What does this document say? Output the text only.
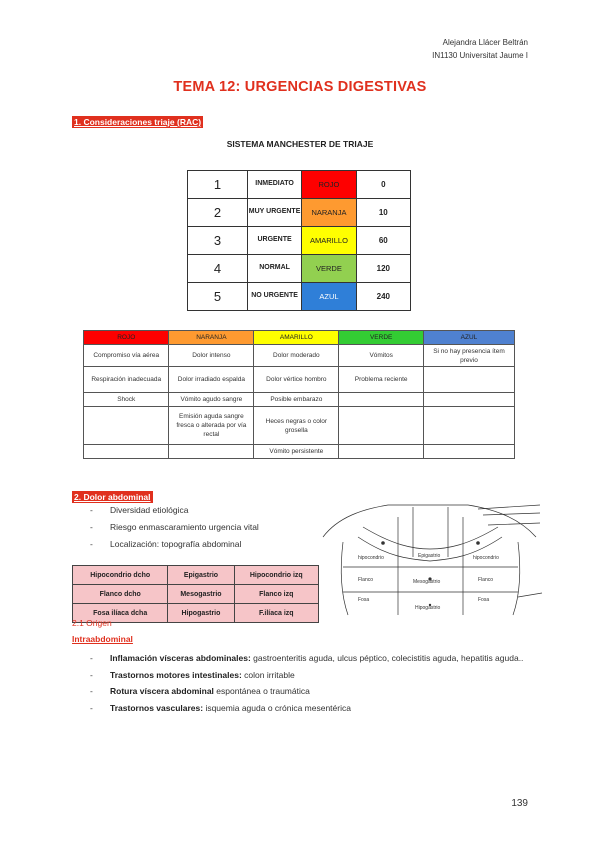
Alejandra Llácer Beltrán
IN1130 Universitat Jaume I
TEMA 12: URGENCIAS DIGESTIVAS
1. Consideraciones triaje (RAC)
SISTEMA MANCHESTER DE TRIAJE
1	INMEDIATO	ROJO	0
2	MUY URGENTE	NARANJA	10
3	URGENTE	AMARILLO	60
4	NORMAL	VERDE	120
5	NO URGENTE	AZUL	240
ROJO	NARANJA	AMARILLO	VERDE	AZUL
Compromiso vía aérea	Dolor intenso	Dolor moderado	Vómitos	Si no hay presencia ítem previo
Respiración inadecuada	Dolor irradiado espalda	Dolor vértice hombro	Problema reciente	
Shock	Vómito agudo sangre	Posible embarazo		
	Emisión aguda sangre fresca o alterada por vía rectal	Heces negras o color grosella		
		Vómito persistente		
2. Dolor abdominal
- Diversidad etiológica
- Riesgo enmascaramiento urgencia vital
- Localización: topografía abdominal
Hipocondrio dcho	Epigastrio	Hipocondrio izq
Flanco dcho	Mesogastrio	Flanco izq
Fosa ilíaca dcha	Hipogastrio	F.ilíaca izq
Epigastrio
Mesogastrio
Hipogastrio
Flanco	Flanco
Fosa	Fosa
hipocondrio	hipocondrio
2.1 Origen
Intraabdominal
-	Inflamación vísceras abdominales: gastroenteritis aguda, ulcus péptico, colecistitis aguda, hepatitis aguda..
-	Trastornos motores intestinales: colon irritable
-	Rotura víscera abdominal espontánea o traumática
-	Trastornos vasculares: isquemia aguda o crónica mesentérica
139
